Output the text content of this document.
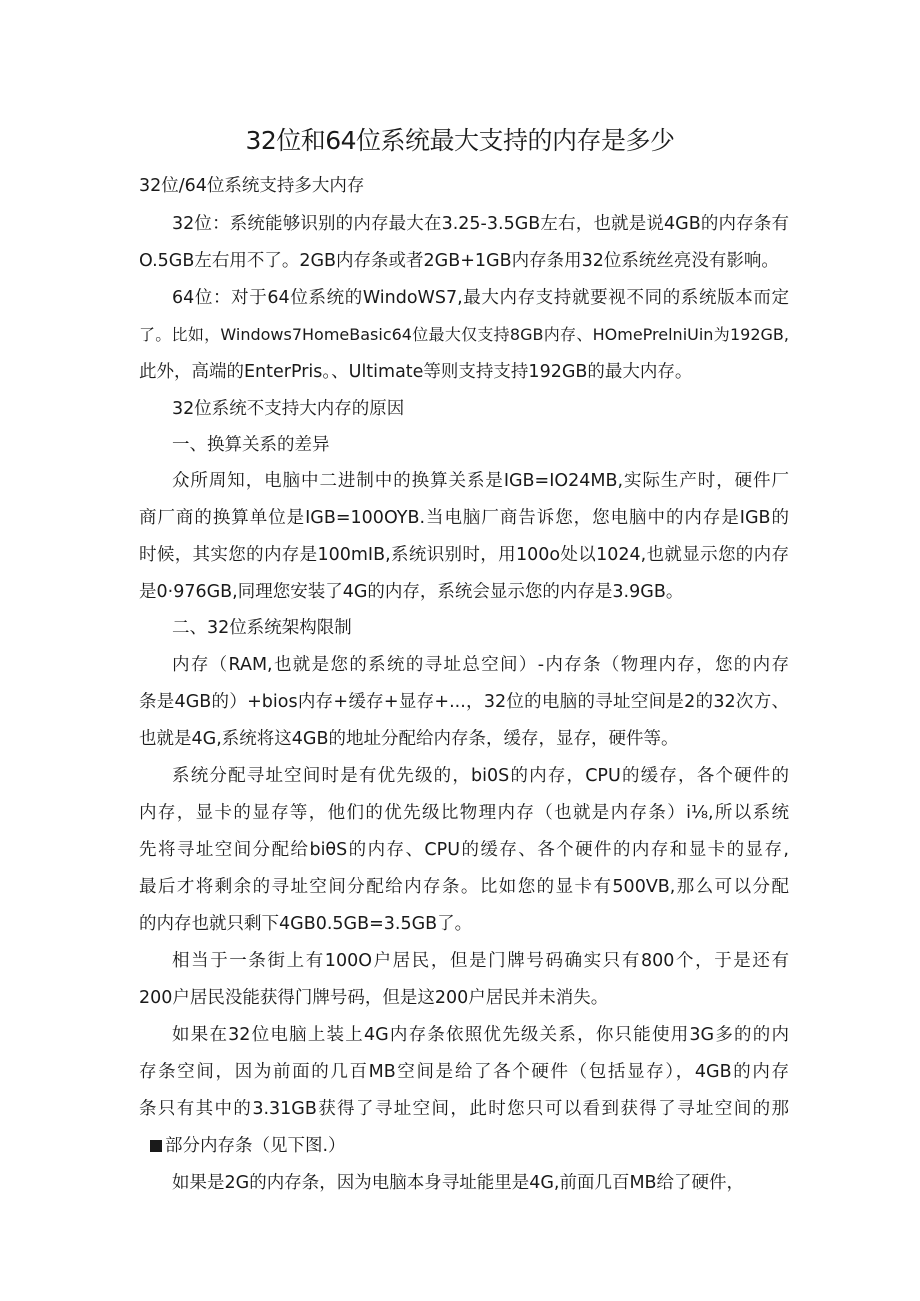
32位和64位系统最大支持的内存是多少
32位/64位系统支持多大内存
32位：系统能够识别的内存最大在3.25-3.5GB左右，也就是说4GB的内存条有
O.5GB左右用不了。2GB内存条或者2GB+1GB内存条用32位系统丝亮没有影响。
64位：对于64位系统的WindoWS7,最大内存支持就要视不同的系统版本而定
了。比如，Windows7HomeBasic64位最大仅支持8GB内存、HOmePrelniUin为192GB,
此外，高端的EnterPris。、Ultimate等则支持支持192GB的最大内存。
32位系统不支持大内存的原因
一、换算关系的差异
众所周知，电脑中二进制中的换算关系是IGB=IO24MB,实际生产时，硬件厂
商厂商的换算单位是IGB=100OYB.当电脑厂商告诉您，您电脑中的内存是IGB的
时候，其实您的内存是100mIB,系统识别时，用100o处以1024,也就显示您的内存
是0·976GB,同理您安装了4G的内存，系统会显示您的内存是3.9GB。
二、32位系统架构限制
内存（RAM,也就是您的系统的寻址总空间）-内存条（物理内存，您的内存
条是4GB的）+bios内存+缓存+显存+...，32位的电脑的寻址空间是2的32次方、
也就是4G,系统将这4GB的地址分配给内存条，缓存，显存，硬件等。
系统分配寻址空间时是有优先级的，bi0S的内存，CPU的缓存，各个硬件的
内存，显卡的显存等，他们的优先级比物理内存（也就是内存条）i⅛,所以系统
先将寻址空间分配给biθS的内存、CPU的缓存、各个硬件的内存和显卡的显存,
最后才将剩余的寻址空间分配给内存条。比如您的显卡有500VB,那么可以分配
的内存也就只剩下4GB0.5GB=3.5GB了。
相当于一条街上有100O户居民，但是门牌号码确实只有800个，于是还有
200户居民没能获得门牌号码，但是这200户居民并未消失。
如果在32位电脑上装上4G内存条依照优先级关系，你只能使用3G多的的内
存条空间，因为前面的几百MB空间是给了各个硬件（包括显存），4GB的内存
条只有其中的3.31GB获得了寻址空间，此时您只可以看到获得了寻址空间的那
部分内存条（见下图.）
如果是2G的内存条，因为电脑本身寻址能里是4G,前面几百MB给了硬件，
